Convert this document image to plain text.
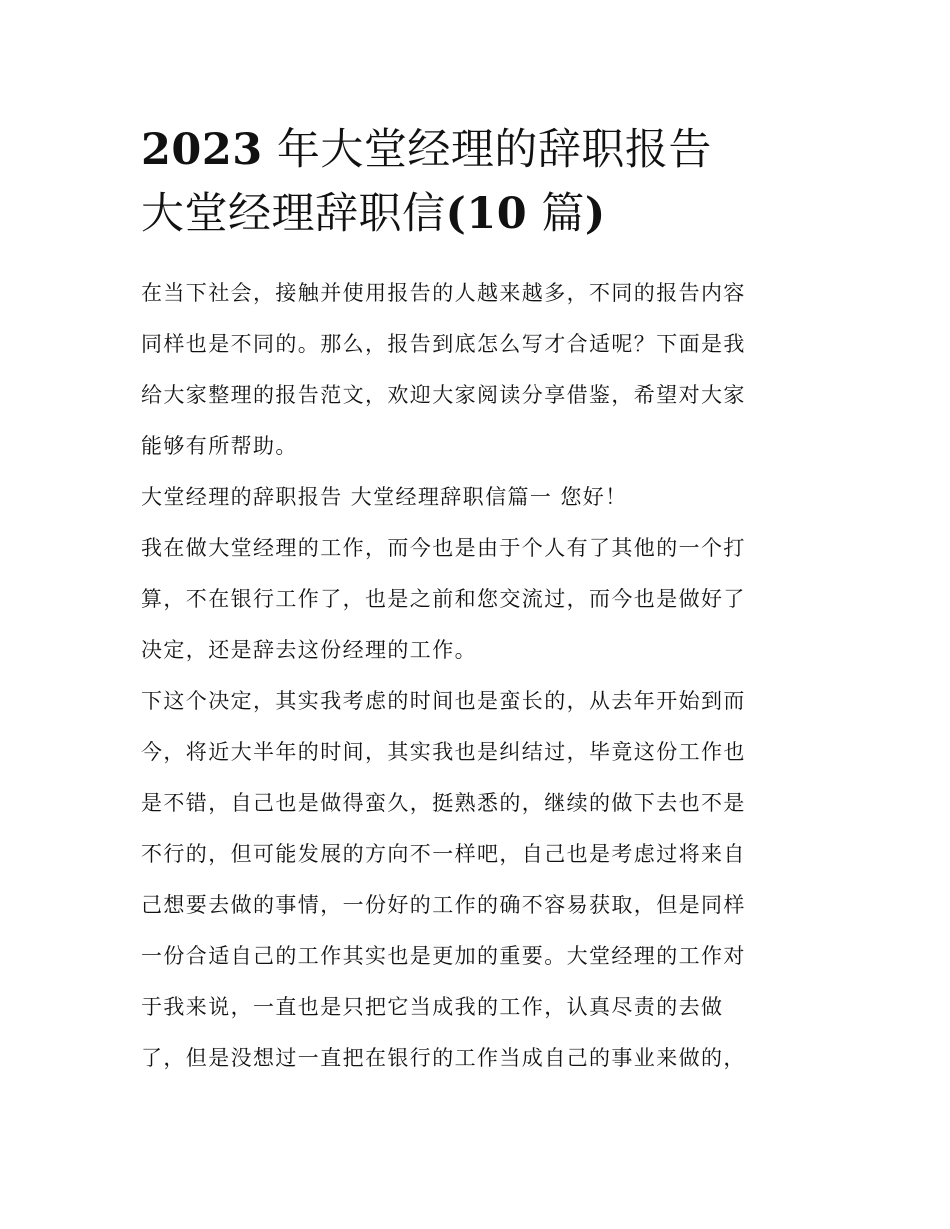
2023 年大堂经理的辞职报告
大堂经理辞职信(10 篇)

在当下社会，接触并使用报告的人越来越多，不同的报告内容
同样也是不同的。那么，报告到底怎么写才合适呢？下面是我
给大家整理的报告范文，欢迎大家阅读分享借鉴，希望对大家
能够有所帮助。

大堂经理的辞职报告 大堂经理辞职信篇一 您好！

我在做大堂经理的工作，而今也是由于个人有了其他的一个打
算，不在银行工作了，也是之前和您交流过，而今也是做好了
决定，还是辞去这份经理的工作。

下这个决定，其实我考虑的时间也是蛮长的，从去年开始到而
今，将近大半年的时间，其实我也是纠结过，毕竟这份工作也
是不错，自己也是做得蛮久，挺熟悉的，继续的做下去也不是
不行的，但可能发展的方向不一样吧，自己也是考虑过将来自
己想要去做的事情，一份好的工作的确不容易获取，但是同样
一份合适自己的工作其实也是更加的重要。大堂经理的工作对
于我来说，一直也是只把它当成我的工作，认真尽责的去做
了，但是没想过一直把在银行的工作当成自己的事业来做的，
